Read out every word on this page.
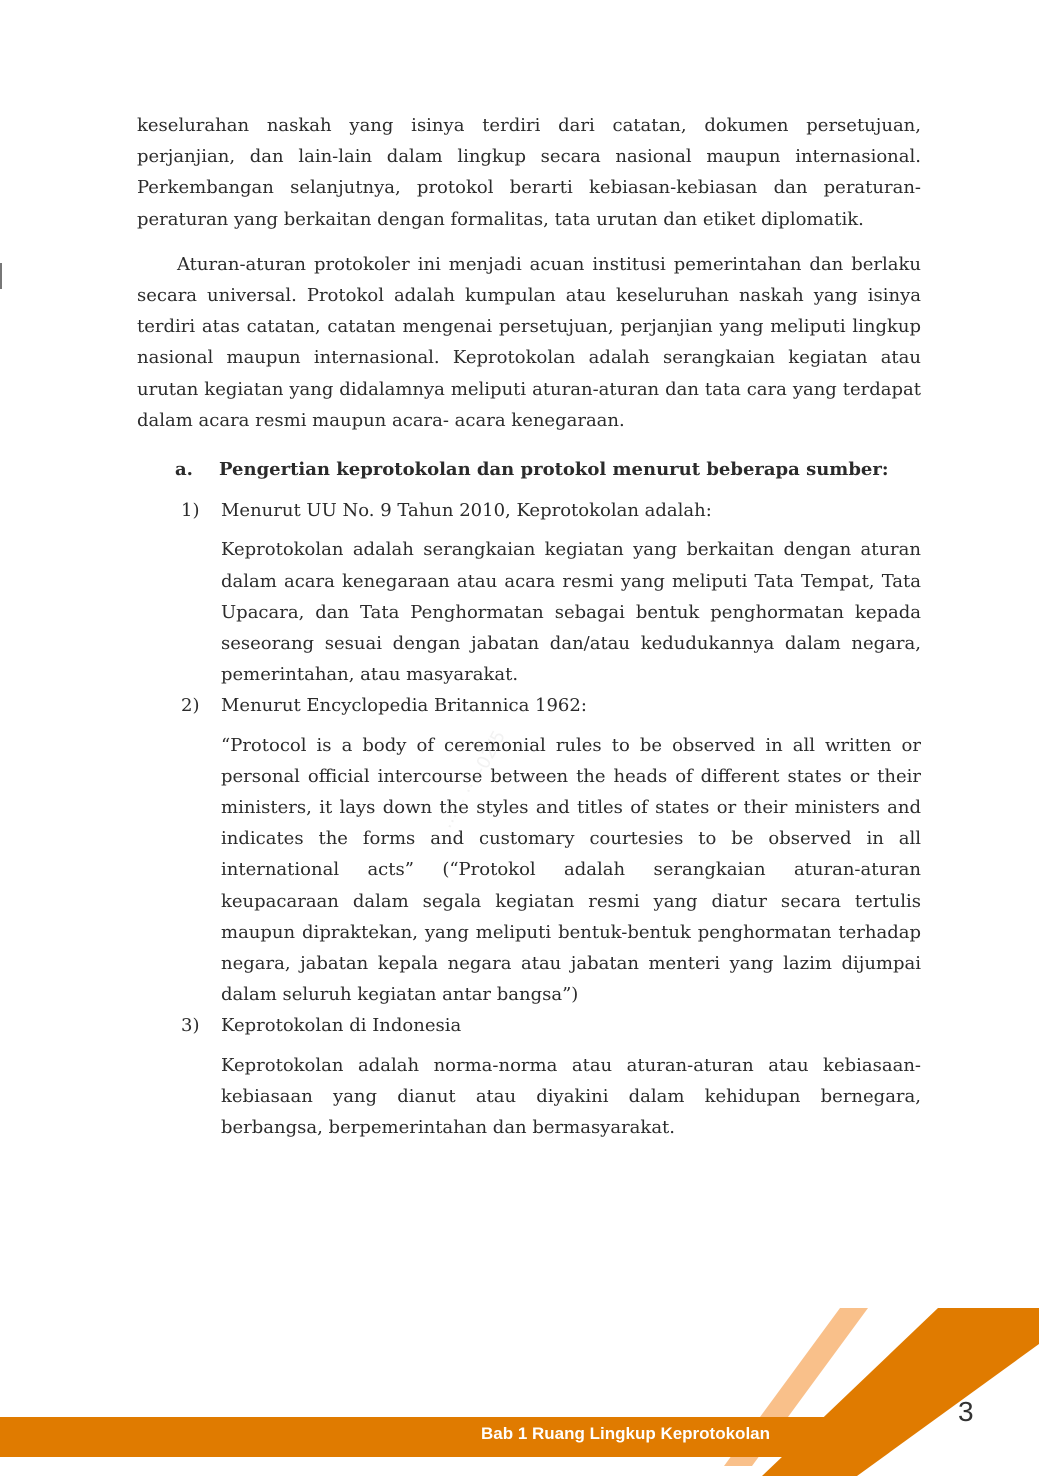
··· ·· ··· -02/5

keselurahan naskah yang isinya terdiri dari catatan, dokumen persetujuan, perjanjian, dan lain-lain dalam lingkup secara nasional maupun internasional. Perkembangan selanjutnya, protokol berarti kebiasan-kebiasan dan peraturan-peraturan yang berkaitan dengan formalitas, tata urutan dan etiket diplomatik.

Aturan-aturan protokoler ini menjadi acuan institusi pemerintahan dan berlaku secara universal. Protokol adalah kumpulan atau keseluruhan naskah yang isinya terdiri atas catatan, catatan mengenai persetujuan, perjanjian yang meliputi lingkup nasional maupun internasional. Keprotokolan adalah serangkaian kegiatan atau urutan kegiatan yang didalamnya meliputi aturan-aturan dan tata cara yang terdapat dalam acara resmi maupun acara- acara kenegaraan.

a.	Pengertian keprotokolan dan protokol menurut beberapa sumber:
1)	Menurut UU No. 9 Tahun 2010, Keprotokolan adalah:

Keprotokolan adalah serangkaian kegiatan yang berkaitan dengan aturan dalam acara kenegaraan atau acara resmi yang meliputi Tata Tempat, Tata Upacara, dan Tata Penghormatan sebagai bentuk penghormatan kepada seseorang sesuai dengan jabatan dan/atau kedudukannya dalam negara, pemerintahan, atau masyarakat.

2)	Menurut Encyclopedia Britannica 1962:

“Protocol is a body of ceremonial rules to be observed in all written or personal official intercourse between the heads of different states or their ministers, it lays down the styles and titles of states or their ministers and indicates the forms and customary courtesies to be observed in all international acts” (“Protokol adalah serangkaian aturan-aturan keupacaraan dalam segala kegiatan resmi yang diatur secara tertulis maupun dipraktekan, yang meliputi bentuk-bentuk penghormatan terhadap negara, jabatan kepala negara atau jabatan menteri yang lazim dijumpai dalam seluruh kegiatan antar bangsa”)

3)	Keprotokolan di Indonesia

Keprotokolan adalah norma-norma atau aturan-aturan atau kebiasaan-kebiasaan yang dianut atau diyakini dalam kehidupan bernegara, berbangsa, berpemerintahan dan bermasyarakat.

Bab 1 Ruang Lingkup Keprotokolan
3
